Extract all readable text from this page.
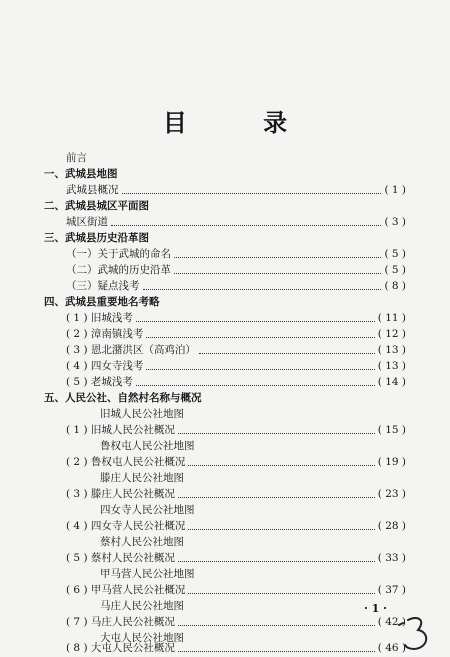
目 录
前言
一、武城县地图
武城县概况	( 1 )
二、武城县城区平面图
城区街道	( 3 )
三、武城县历史沿革图
（一）关于武城的命名	( 5 )
（二）武城的历史沿革	( 5 )
（三）疑点浅考	( 8 )
四、武城县重要地名考略
( 1 ) 旧城浅考	( 11 )
( 2 ) 漳南镇浅考	( 12 )
( 3 ) 恩北潴洪区（高鸡泊）	( 13 )
( 4 ) 四女寺浅考	( 13 )
( 5 ) 老城浅考	( 14 )
五、人民公社、自然村名称与概况
旧城人民公社地图
( 1 ) 旧城人民公社概况	( 15 )
鲁权屯人民公社地图
( 2 ) 鲁权屯人民公社概况	( 19 )
滕庄人民公社地图
( 3 ) 滕庄人民公社概况	( 23 )
四女寺人民公社地图
( 4 ) 四女寺人民公社概况	( 28 )
蔡村人民公社地图
( 5 ) 蔡村人民公社概况	( 33 )
甲马营人民公社地图
( 6 ) 甲马营人民公社概况	( 37 )
马庄人民公社地图
( 7 ) 马庄人民公社概况	( 42 )
大屯人民公社地图
( 8 ) 大屯人民公社概况	( 46 )
· 1 ·
